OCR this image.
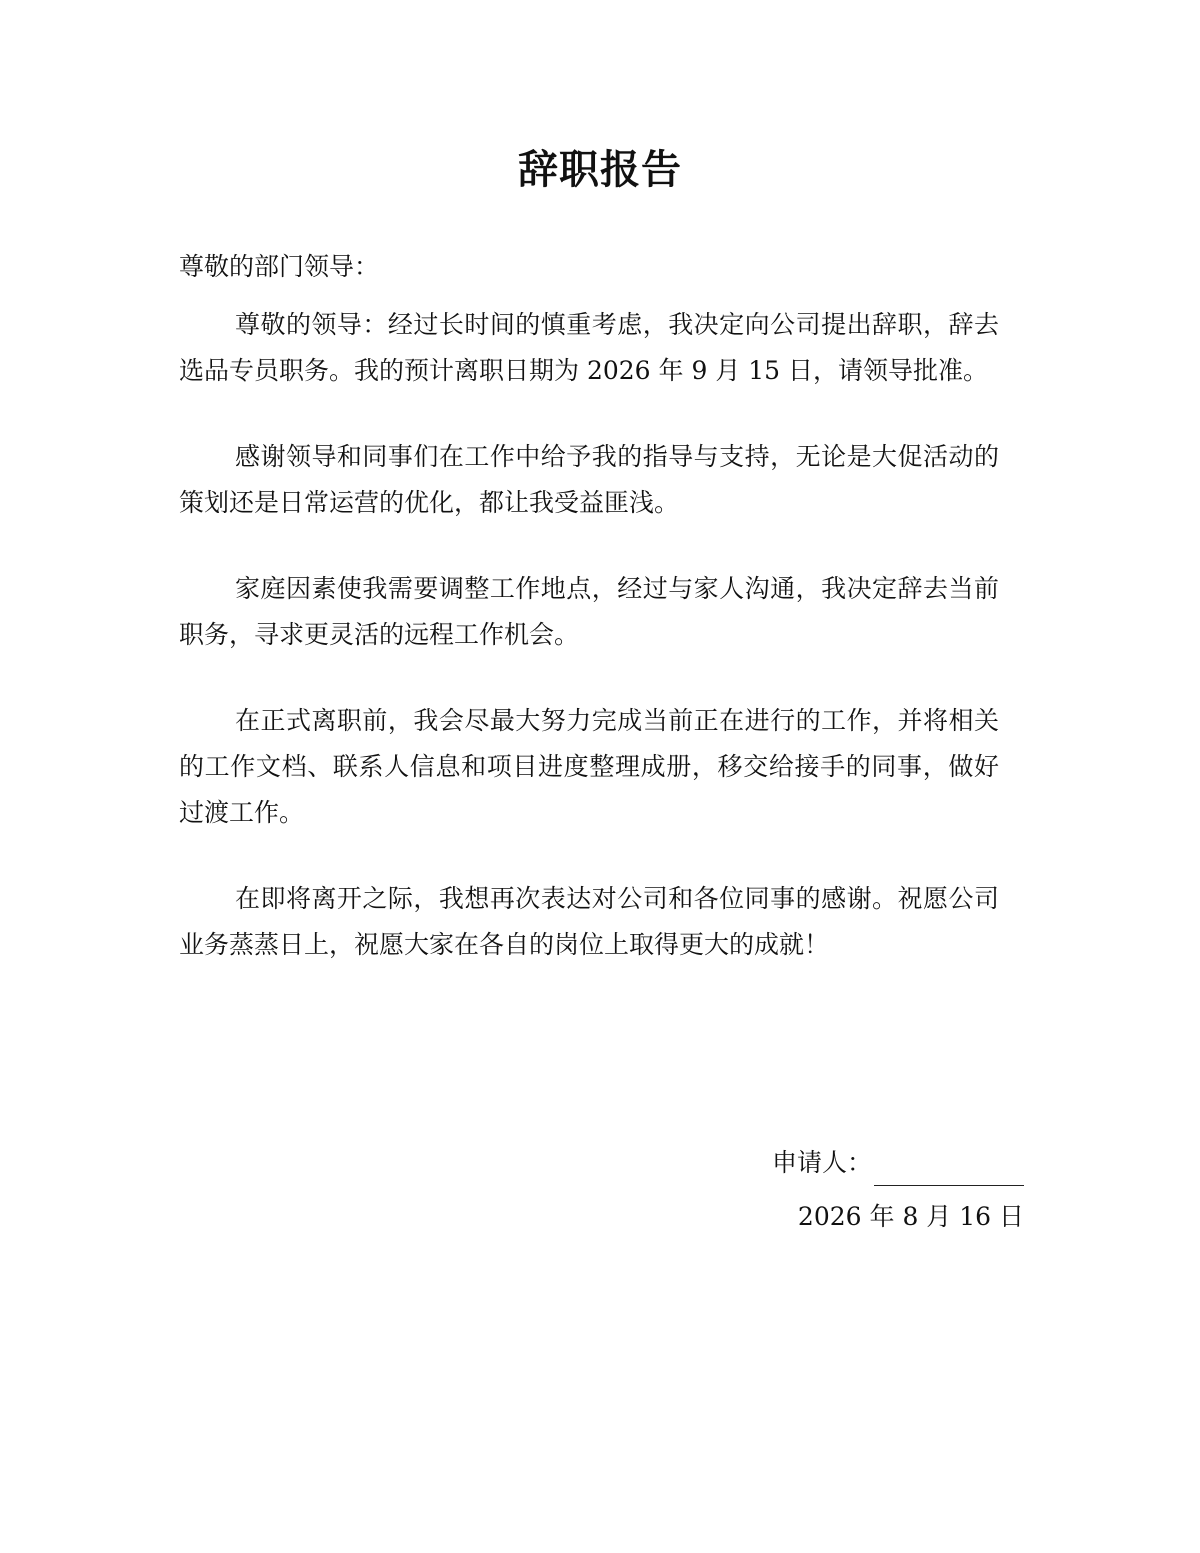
辞职报告

尊敬的部门领导：

尊敬的领导：经过长时间的慎重考虑，我决定向公司提出辞职，辞去选品专员职务。我的预计离职日期为 2026 年 9 月 15 日，请领导批准。

感谢领导和同事们在工作中给予我的指导与支持，无论是大促活动的策划还是日常运营的优化，都让我受益匪浅。

家庭因素使我需要调整工作地点，经过与家人沟通，我决定辞去当前职务，寻求更灵活的远程工作机会。

在正式离职前，我会尽最大努力完成当前正在进行的工作，并将相关的工作文档、联系人信息和项目进度整理成册，移交给接手的同事，做好过渡工作。

在即将离开之际，我想再次表达对公司和各位同事的感谢。祝愿公司业务蒸蒸日上，祝愿大家在各自的岗位上取得更大的成就！

申请人：

2026 年 8 月 16 日
